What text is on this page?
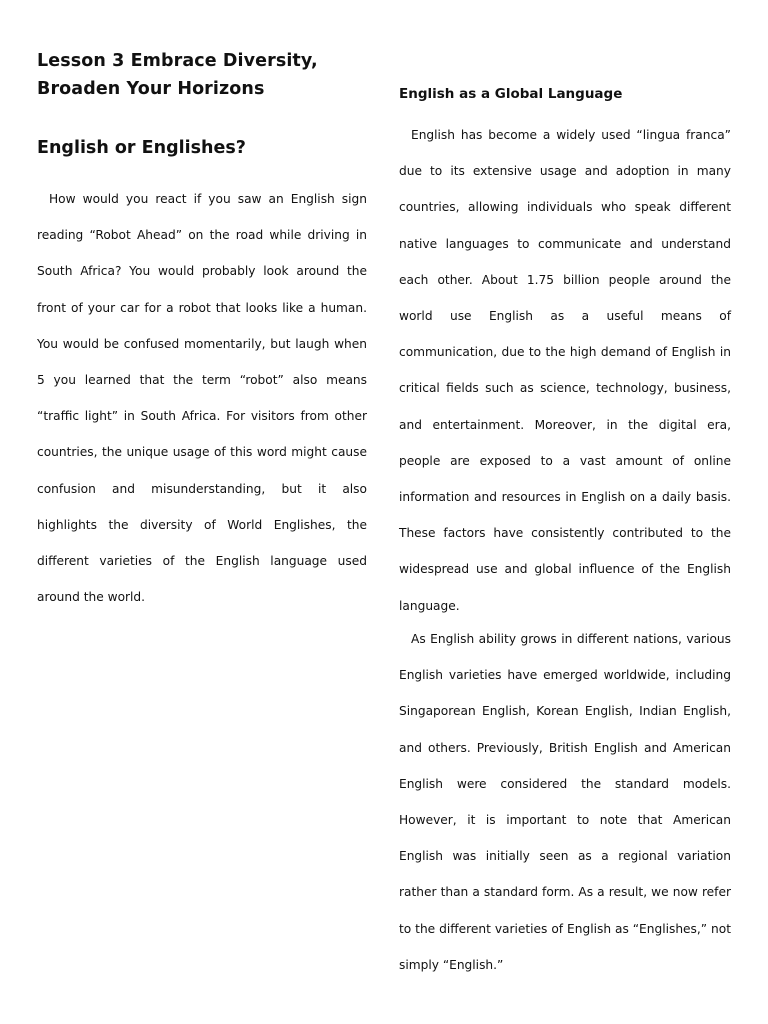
Lesson 3 Embrace Diversity,
Broaden Your Horizons
English or Englishes?

How would you react if you saw an English sign reading “Robot Ahead” on the road while driving in South Africa? You would probably look around the front of your car for a robot that looks like a human. You would be confused momentarily, but laugh when 5 you learned that the term “robot” also means “traffic light” in South Africa. For visitors from other countries, the unique usage of this word might cause confusion and misunderstanding, but it also highlights the diversity of World Englishes, the different varieties of the English language used around the world.

English as a Global Language

English has become a widely used “lingua franca” due to its extensive usage and adoption in many countries, allowing individuals who speak different native languages to communicate and understand each other. About 1.75 billion people around the world use English as a useful means of communication, due to the high demand of English in critical fields such as science, technology, business, and entertainment. Moreover, in the digital era, people are exposed to a vast amount of online information and resources in English on a daily basis. These factors have consistently contributed to the widespread use and global influence of the English language.

As English ability grows in different nations, various English varieties have emerged worldwide, including Singaporean English, Korean English, Indian English, and others. Previously, British English and American English were considered the standard models. However, it is important to note that American English was initially seen as a regional variation rather than a standard form. As a result, we now refer to the different varieties of English as “Englishes,” not simply “English.”
